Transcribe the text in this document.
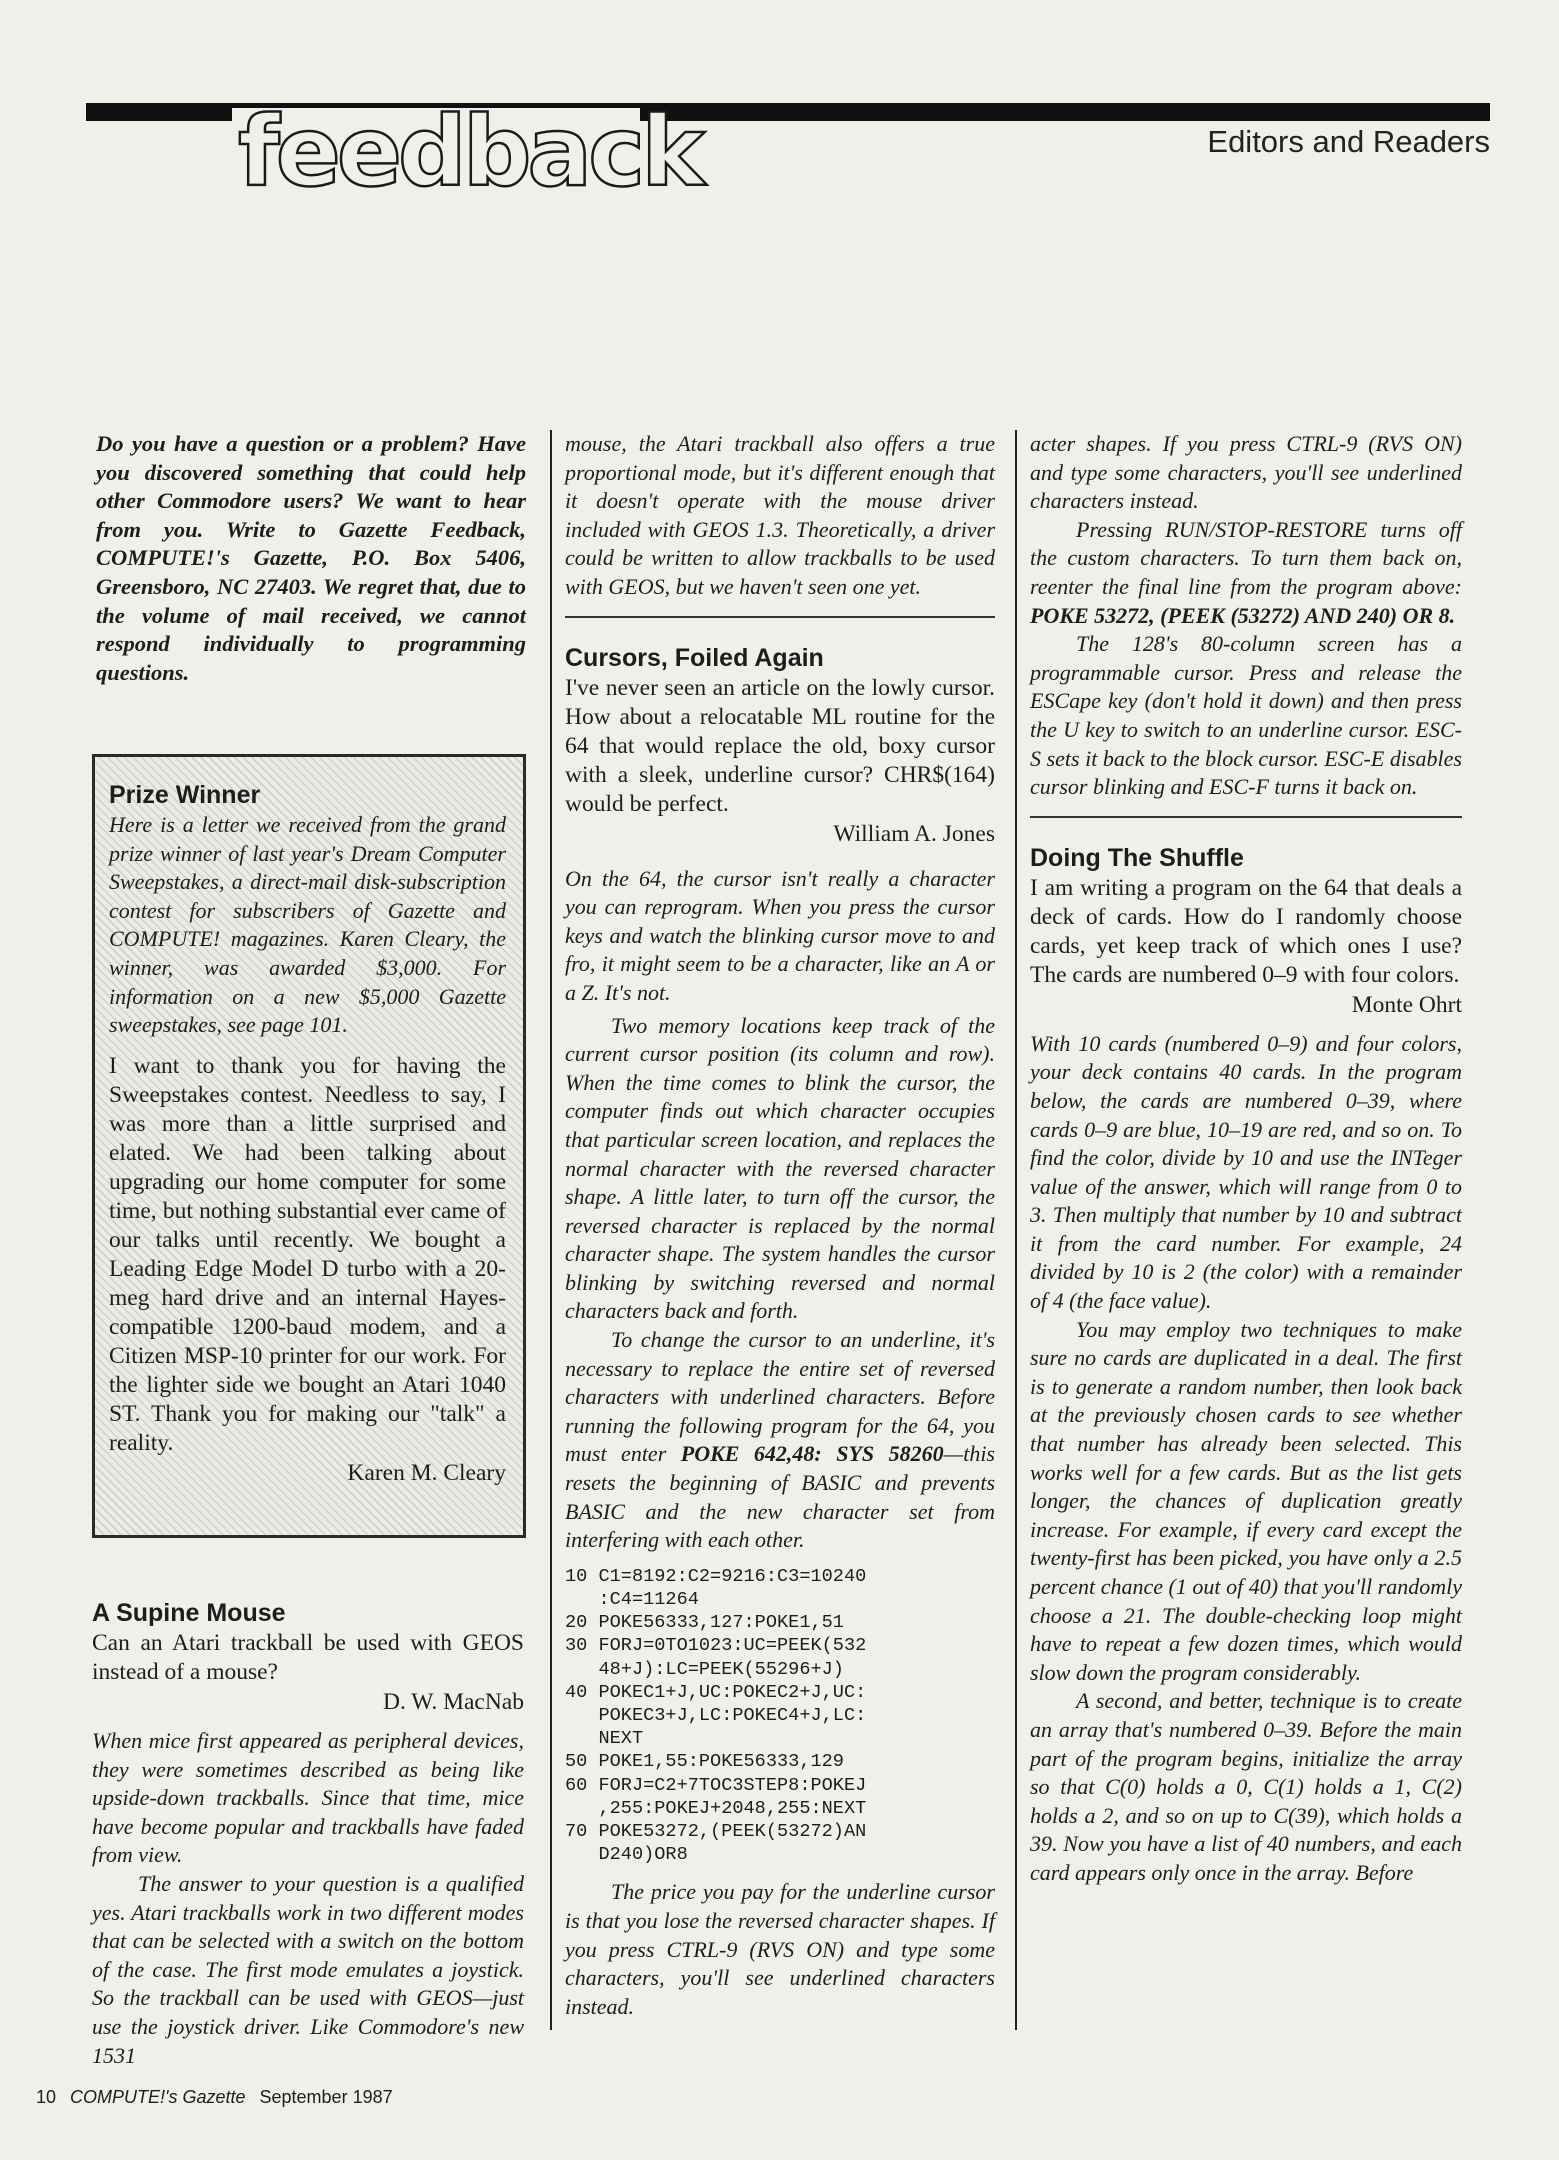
feedback	Editors and Readers

Do you have a question or a problem? Have you discovered something that could help other Commodore users? We want to hear from you. Write to Gazette Feedback, COMPUTE!'s Gazette, P.O. Box 5406, Greensboro, NC 27403. We regret that, due to the volume of mail received, we cannot respond individually to programming questions.

Prize Winner

Here is a letter we received from the grand prize winner of last year's Dream Computer Sweepstakes, a direct-mail disk-subscription contest for subscribers of Gazette and COMPUTE! magazines. Karen Cleary, the winner, was awarded $3,000. For information on a new $5,000 Gazette sweepstakes, see page 101.

I want to thank you for having the Sweepstakes contest. Needless to say, I was more than a little surprised and elated. We had been talking about upgrading our home computer for some time, but nothing substantial ever came of our talks until recently. We bought a Leading Edge Model D turbo with a 20-meg hard drive and an internal Hayes-compatible 1200-baud modem, and a Citizen MSP-10 printer for our work. For the lighter side we bought an Atari 1040 ST. Thank you for making our "talk" a reality.

Karen M. Cleary
A Supine Mouse

Can an Atari trackball be used with GEOS instead of a mouse?

D. W. MacNab

When mice first appeared as peripheral devices, they were sometimes described as being like upside-down trackballs. Since that time, mice have become popular and trackballs have faded from view.

The answer to your question is a qualified yes. Atari trackballs work in two different modes that can be selected with a switch on the bottom of the case. The first mode emulates a joystick. So the trackball can be used with GEOS—just use the joystick driver. Like Commodore's new 1531

mouse, the Atari trackball also offers a true proportional mode, but it's different enough that it doesn't operate with the mouse driver included with GEOS 1.3. Theoretically, a driver could be written to allow trackballs to be used with GEOS, but we haven't seen one yet.

Cursors, Foiled Again

I've never seen an article on the lowly cursor. How about a relocatable ML routine for the 64 that would replace the old, boxy cursor with a sleek, underline cursor? CHR$(164) would be perfect.

William A. Jones

On the 64, the cursor isn't really a character you can reprogram. When you press the cursor keys and watch the blinking cursor move to and fro, it might seem to be a character, like an A or a Z. It's not.

Two memory locations keep track of the current cursor position (its column and row). When the time comes to blink the cursor, the computer finds out which character occupies that particular screen location, and replaces the normal character with the reversed character shape. A little later, to turn off the cursor, the reversed character is replaced by the normal character shape. The system handles the cursor blinking by switching reversed and normal characters back and forth.

To change the cursor to an underline, it's necessary to replace the entire set of reversed characters with underlined characters. Before running the following program for the 64, you must enter POKE 642,48: SYS 58260—this resets the beginning of BASIC and prevents BASIC and the new character set from interfering with each other.

10 C1=8192:C2=9216:C3=10240

:C4=11264

20 POKE56333,127:POKE1,51

30 FORJ=0TO1023:UC=PEEK(532

48+J):LC=PEEK(55296+J)

40 POKEC1+J,UC:POKEC2+J,UC:

POKEC3+J,LC:POKEC4+J,LC:

NEXT

50 POKE1,55:POKE56333,129

60 FORJ=C2+7TOC3STEP8:POKEJ

,255:POKEJ+2048,255:NEXT

70 POKE53272,(PEEK(53272)AN

D240)OR8

The price you pay for the underline cursor is that you lose the reversed character shapes. If you press CTRL-9 (RVS ON) and type some characters, you'll see underlined characters instead.

acter shapes. If you press CTRL-9 (RVS ON) and type some characters, you'll see underlined characters instead.

Pressing RUN/STOP-RESTORE turns off the custom characters. To turn them back on, reenter the final line from the program above: POKE 53272, (PEEK (53272) AND 240) OR 8.

The 128's 80-column screen has a programmable cursor. Press and release the ESCape key (don't hold it down) and then press the U key to switch to an underline cursor. ESC-S sets it back to the block cursor. ESC-E disables cursor blinking and ESC-F turns it back on.

Doing The Shuffle

I am writing a program on the 64 that deals a deck of cards. How do I randomly choose cards, yet keep track of which ones I use? The cards are numbered 0–9 with four colors.

Monte Ohrt

With 10 cards (numbered 0–9) and four colors, your deck contains 40 cards. In the program below, the cards are numbered 0–39, where cards 0–9 are blue, 10–19 are red, and so on. To find the color, divide by 10 and use the INTeger value of the answer, which will range from 0 to 3. Then multiply that number by 10 and subtract it from the card number. For example, 24 divided by 10 is 2 (the color) with a remainder of 4 (the face value).

You may employ two techniques to make sure no cards are duplicated in a deal. The first is to generate a random number, then look back at the previously chosen cards to see whether that number has already been selected. This works well for a few cards. But as the list gets longer, the chances of duplication greatly increase. For example, if every card except the twenty-first has been picked, you have only a 2.5 percent chance (1 out of 40) that you'll randomly choose a 21. The double-checking loop might have to repeat a few dozen times, which would slow down the program considerably.

A second, and better, technique is to create an array that's numbered 0–39. Before the main part of the program begins, initialize the array so that C(0) holds a 0, C(1) holds a 1, C(2) holds a 2, and so on up to C(39), which holds a 39. Now you have a list of 40 numbers, and each card appears only once in the array. Before

10 COMPUTE!'s Gazette September 1987
